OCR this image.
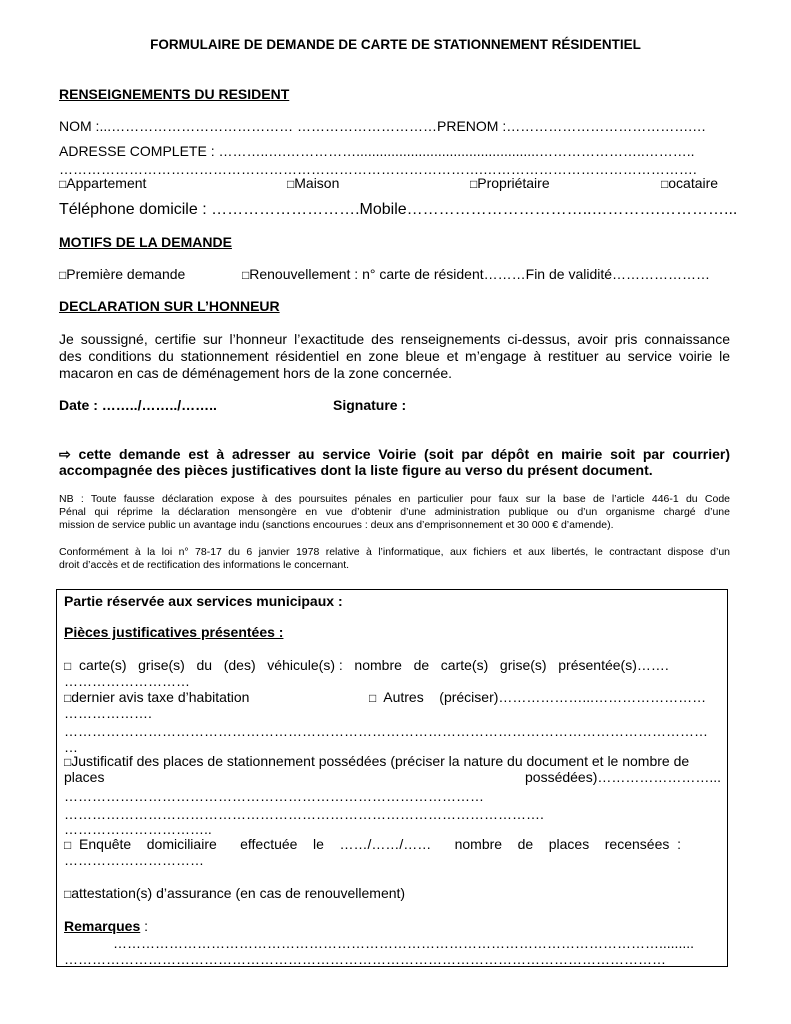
FORMULAIRE DE DEMANDE DE CARTE DE STATIONNEMENT RÉSIDENTIEL
RENSEIGNEMENTS DU RESIDENT
NOM :...………………………………… …………………………PRENOM :………………………………….…
ADRESSE COMPLETE : ………..….……………...............................................…………………..………..
……………………………………………………………………………….……………………………………….
□Appartement	□Maison	□Propriétaire	□ocataire
Téléphone domicile : ……………………….Mobile……………………………..………….…………...
MOTIFS DE LA DEMANDE
□Première demande	□Renouvellement : n° carte de résident………Fin de validité…………………
DECLARATION SUR L’HONNEUR
Je soussigné, certifie sur l’honneur l’exactitude des renseignements ci-dessus, avoir pris connaissance
des conditions du stationnement résidentiel en zone bleue et m’engage à restituer au service voirie le
macaron en cas de déménagement hors de la zone concernée.
Date : ……../……../……..	Signature :
⇨ cette demande est à adresser au service Voirie (soit par dépôt en mairie soit par courrier)
accompagnée des pièces justificatives dont la liste figure au verso du présent document.
NB : Toute fausse déclaration expose à des poursuites pénales en particulier pour faux sur la base de l’article 446-1 du Code
Pénal qui réprime la déclaration mensongère en vue d’obtenir d’une administration publique ou d’un organisme chargé d’une
mission de service public un avantage indu (sanctions encourues : deux ans d’emprisonnement et 30 000 € d’amende).
Conformément à la loi n° 78-17 du 6 janvier 1978 relative à l’informatique, aux fichiers et aux libertés, le contractant dispose d’un
droit d’accès et de rectification des informations le concernant.
Partie réservée aux services municipaux :
Pièces justificatives présentées :
□  carte(s)   grise(s)   du   (des)   véhicule(s) :   nombre   de   carte(s)   grise(s)   présentée(s)…….
………………………
□dernier avis taxe d’habitation	□  Autres    (préciser)………………...……………………
……………….
…………………………………………………………………………………………………………………………
…
□Justificatif des places de stationnement possédées (préciser la nature du document et le nombre de
places	possédées)……………………...
………………………………………………………………………………
………………………………………………………………………………………….
…………………………..
□  Enquête    domiciliaire      effectuée    le    ……/……/……      nombre    de    places    recensées  :
…………………………
□attestation(s) d’assurance (en cas de renouvellement)
Remarques :
……………………………………………………………………………………………………….........
…………………………………………………………………………………………………………………
